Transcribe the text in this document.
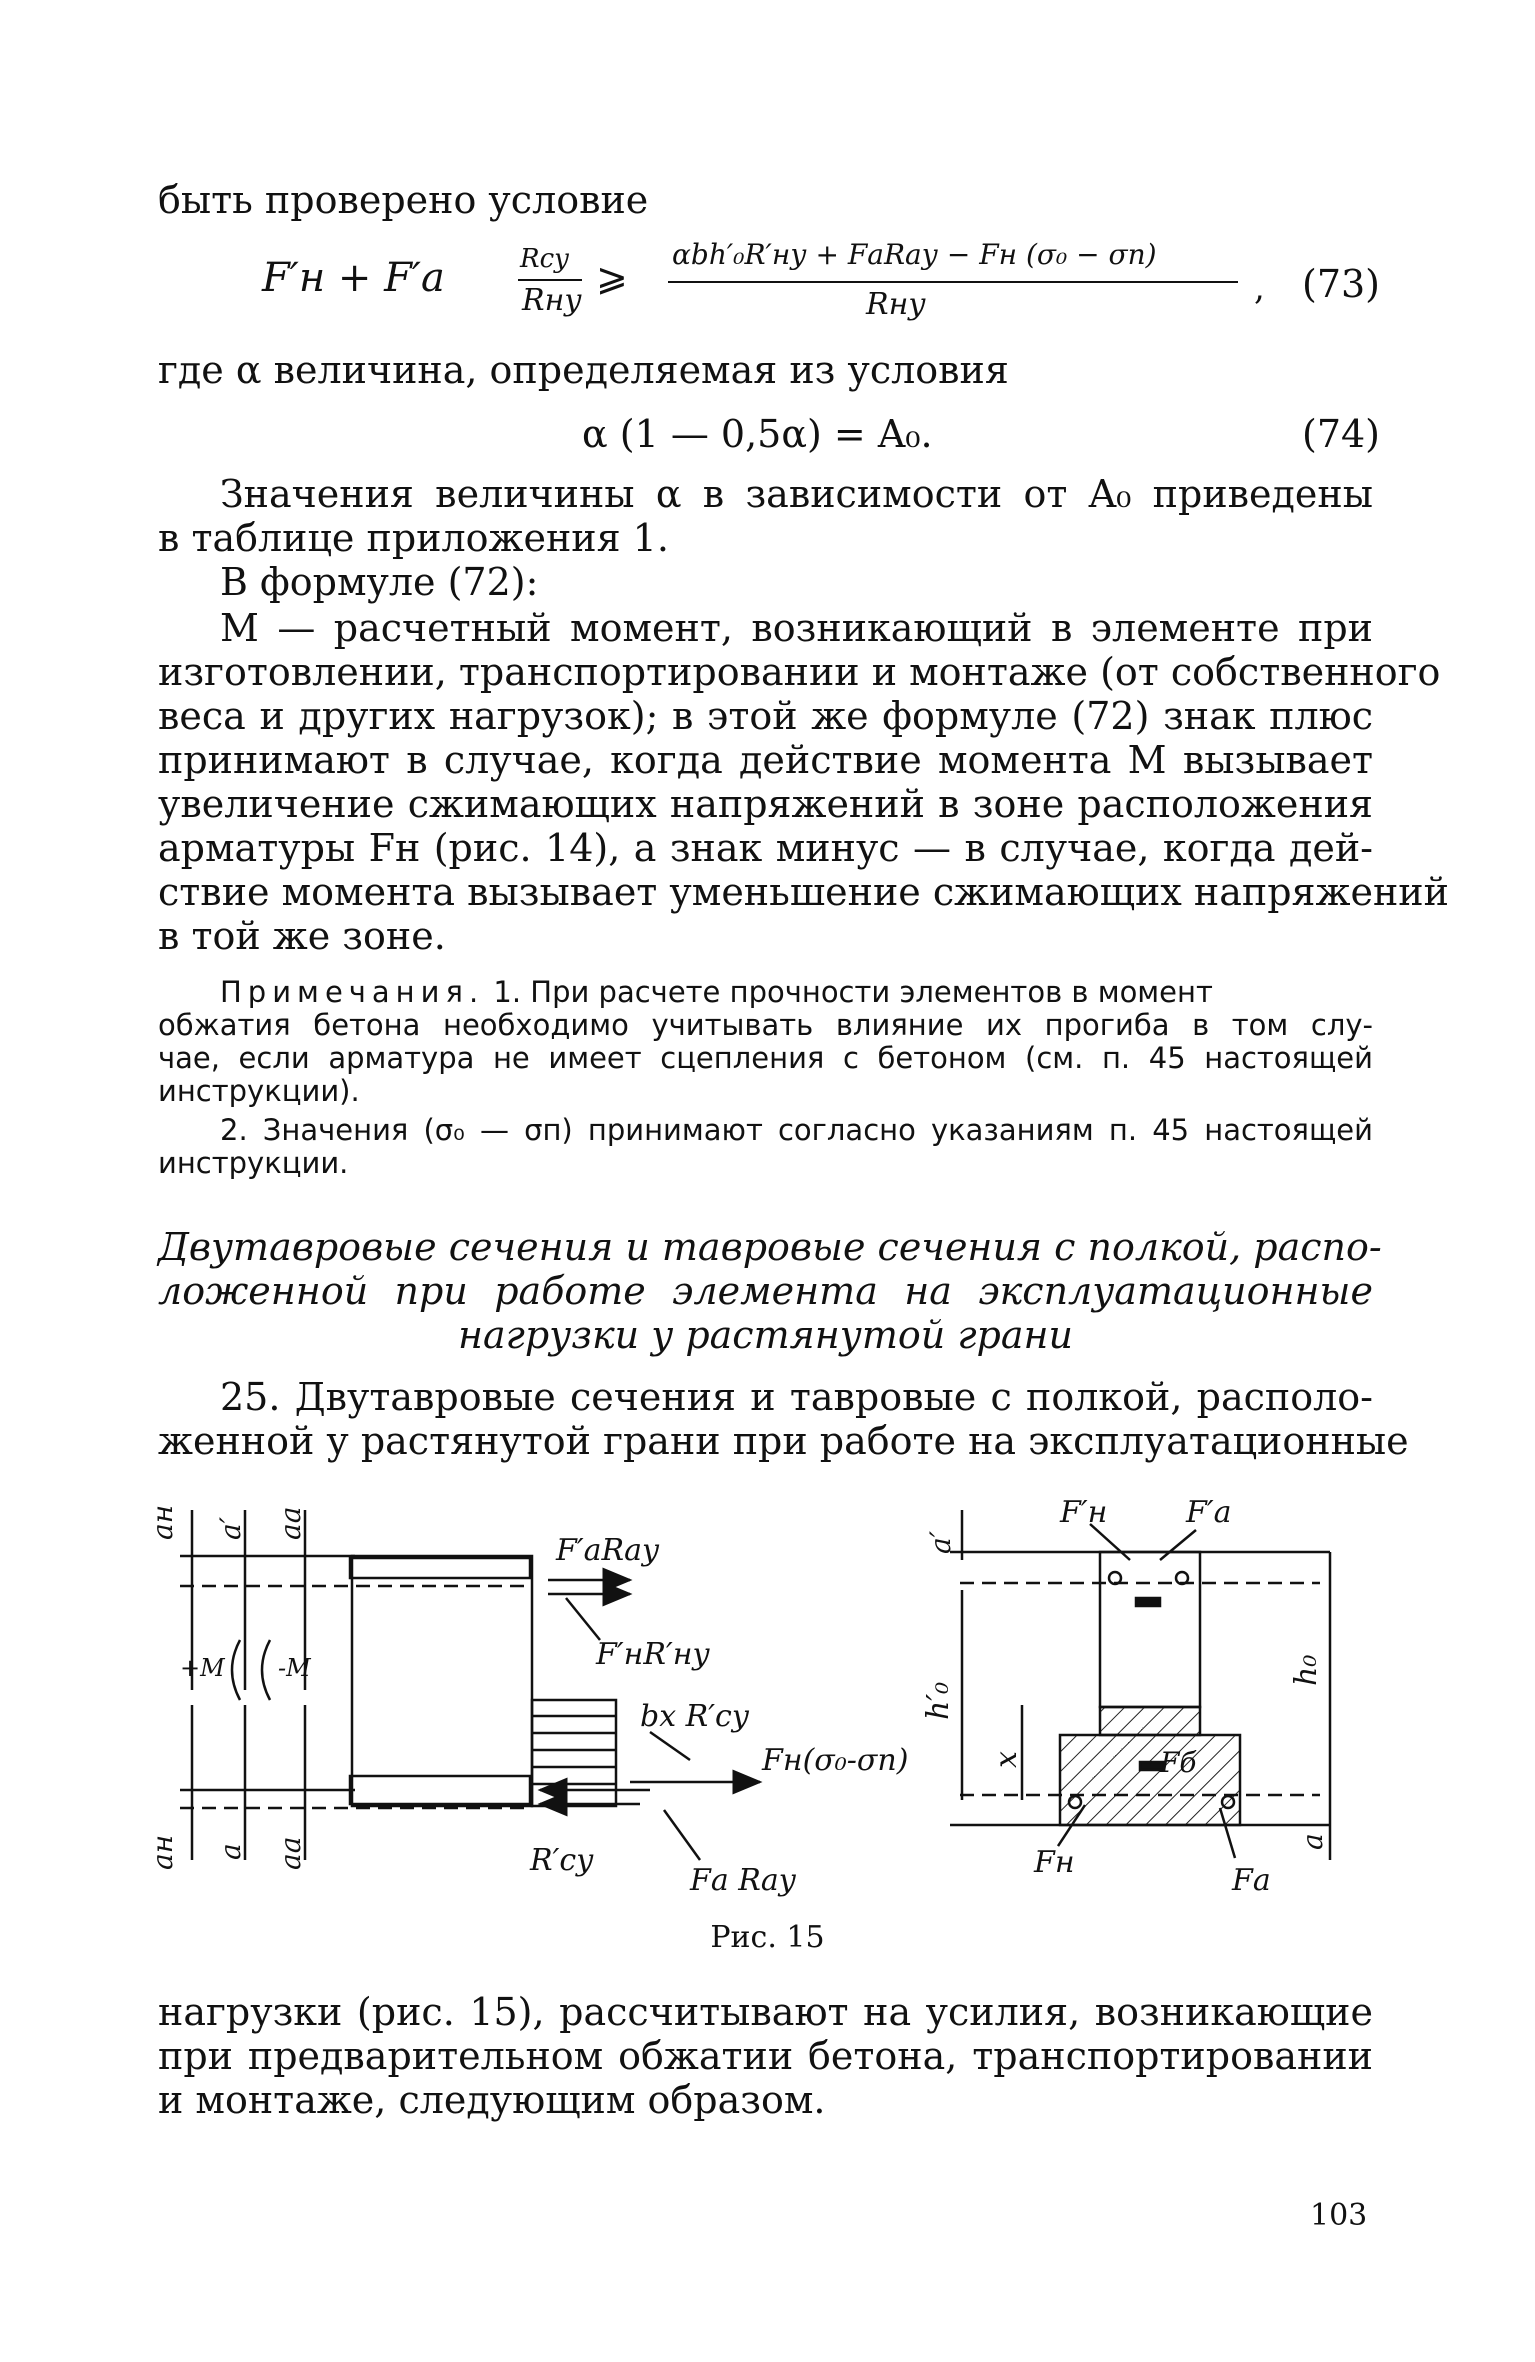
быть проверено условие
F′н + F′а	Rсу
Rну
⩾
αbh′₀R′ну + FаRау − Fн (σ₀ − σп)
Rну	, (73)
где α величина, определяемая из условия
α (1 — 0,5α) = A₀.	(74)
Значения величины α в зависимости от A₀ приведены
в таблице приложения 1.
В формуле (72):
M — расчетный момент, возникающий в элементе при
изготовлении, транспортировании и монтаже (от собственного
веса и других нагрузок); в этой же формуле (72) знак плюс
принимают в случае, когда действие момента M вызывает
увеличение сжимающих напряжений в зоне расположения
арматуры Fн (рис. 14), а знак минус — в случае, когда дей-
ствие момента вызывает уменьшение сжимающих напряжений
в той же зоне.
Примечания. 1. При расчете прочности элементов в момент
обжатия бетона необходимо учитывать влияние их прогиба в том слу-
чае, если арматура не имеет сцепления с бетоном (см. п. 45 настоящей
инструкции).
2. Значения (σ₀ — σп) принимают согласно указаниям п. 45 настоящей
инструкции.
Двутавровые сечения и тавровые сечения с полкой, распо-
ложенной при работе элемента на эксплуатационные
нагрузки у растянутой грани
25. Двутавровые сечения и тавровые с полкой, располо-
женной у растянутой грани при работе на эксплуатационные
aн a′ aа
+M -M
F′аRау
F′нR′ну
bx R′су
Fн(σ₀-σп)
R′су
Fа Rау
aн a aа
a′
F′н	F′а
h′₀
x
h₀
Fб
Fн
Fа
a
Рис. 15
нагрузки (рис. 15), рассчитывают на усилия, возникающие
при предварительном обжатии бетона, транспортировании
и монтаже, следующим образом.
103
